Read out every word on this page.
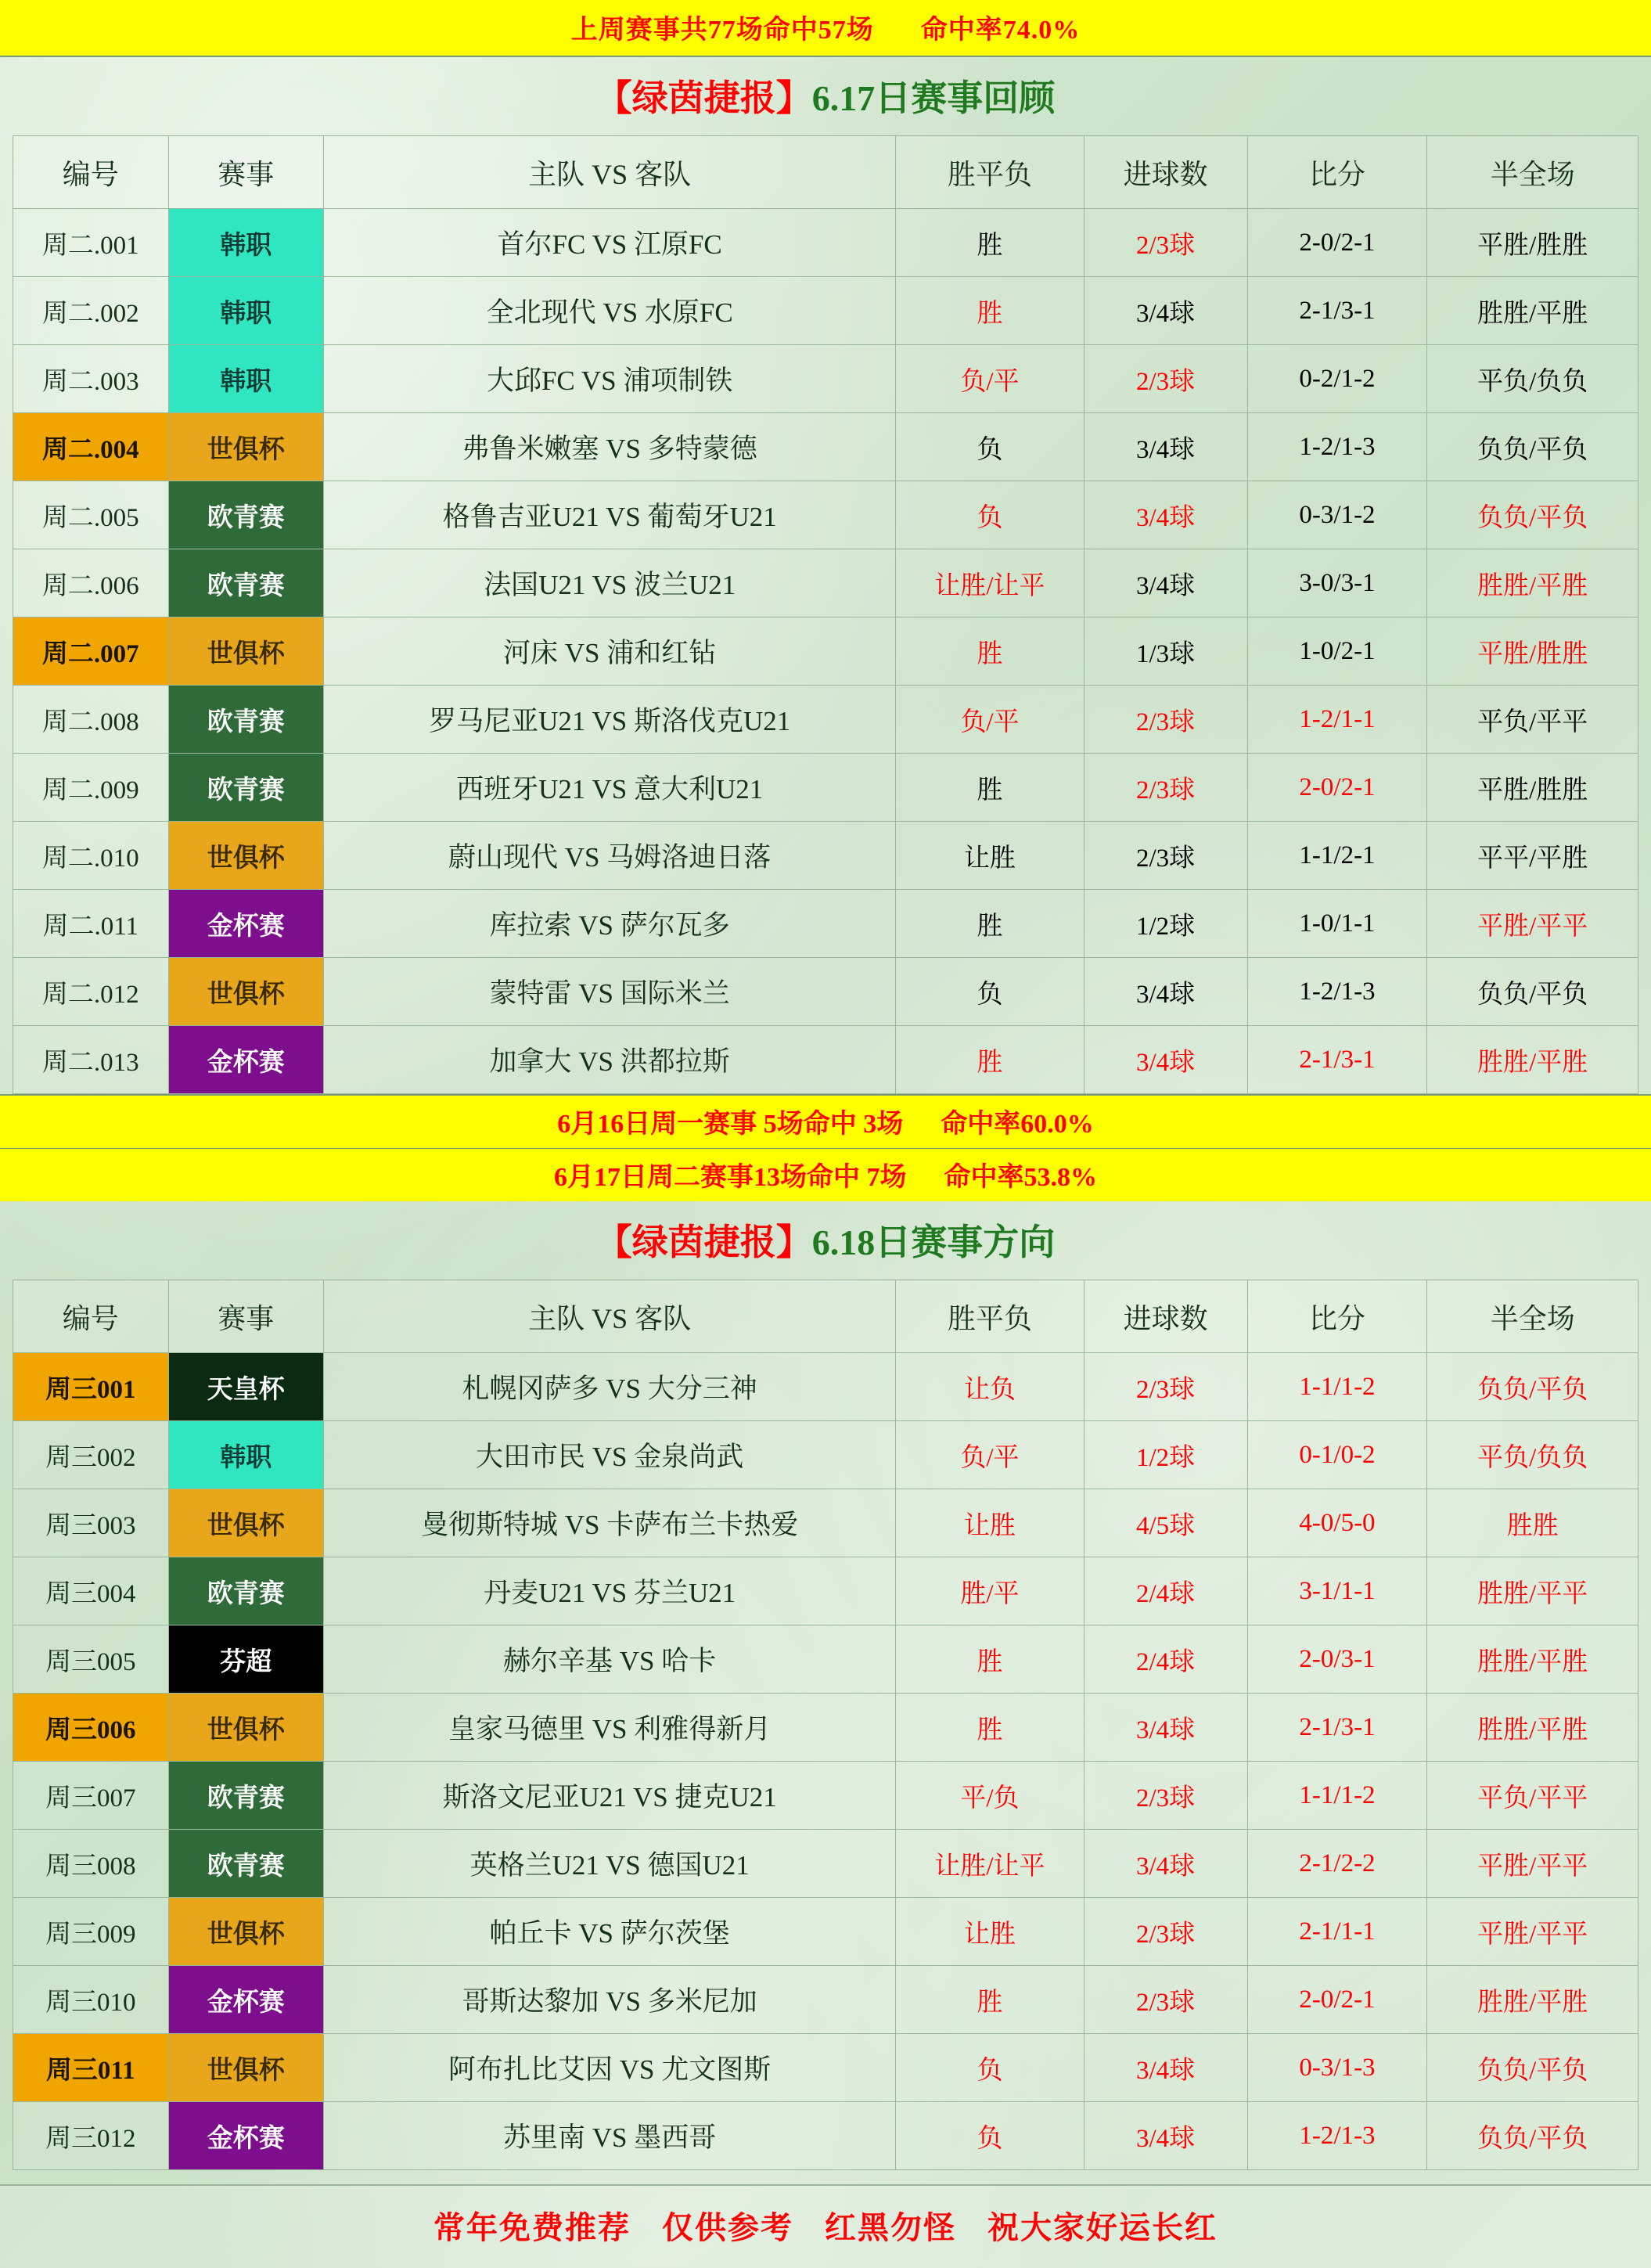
上周赛事共77场命中57场 命中率74.0%
【绿茵捷报】6.17日赛事回顾
编号	赛事	主队 VS 客队	胜平负	进球数	比分	半全场
周二.001	韩职	首尔FC VS 江原FC	胜	2/3球	2-0/2-1	平胜/胜胜
周二.002	韩职	全北现代 VS 水原FC	胜	3/4球	2-1/3-1	胜胜/平胜
周二.003	韩职	大邱FC VS 浦项制铁	负/平	2/3球	0-2/1-2	平负/负负
周二.004	世俱杯	弗鲁米嫩塞 VS 多特蒙德	负	3/4球	1-2/1-3	负负/平负
周二.005	欧青赛	格鲁吉亚U21 VS 葡萄牙U21	负	3/4球	0-3/1-2	负负/平负
周二.006	欧青赛	法国U21 VS 波兰U21	让胜/让平	3/4球	3-0/3-1	胜胜/平胜
周二.007	世俱杯	河床 VS 浦和红钻	胜	1/3球	1-0/2-1	平胜/胜胜
周二.008	欧青赛	罗马尼亚U21 VS 斯洛伐克U21	负/平	2/3球	1-2/1-1	平负/平平
周二.009	欧青赛	西班牙U21 VS 意大利U21	胜	2/3球	2-0/2-1	平胜/胜胜
周二.010	世俱杯	蔚山现代 VS 马姆洛迪日落	让胜	2/3球	1-1/2-1	平平/平胜
周二.011	金杯赛	库拉索 VS 萨尔瓦多	胜	1/2球	1-0/1-1	平胜/平平
周二.012	世俱杯	蒙特雷 VS 国际米兰	负	3/4球	1-2/1-3	负负/平负
周二.013	金杯赛	加拿大 VS 洪都拉斯	胜	3/4球	2-1/3-1	胜胜/平胜
6月16日周一赛事 5场命中 3场 命中率60.0%
6月17日周二赛事13场命中 7场 命中率53.8%
【绿茵捷报】6.18日赛事方向
编号	赛事	主队 VS 客队	胜平负	进球数	比分	半全场
周三001	天皇杯	札幌冈萨多 VS 大分三神	让负	2/3球	1-1/1-2	负负/平负
周三002	韩职	大田市民 VS 金泉尚武	负/平	1/2球	0-1/0-2	平负/负负
周三003	世俱杯	曼彻斯特城 VS 卡萨布兰卡热爱	让胜	4/5球	4-0/5-0	胜胜
周三004	欧青赛	丹麦U21 VS 芬兰U21	胜/平	2/4球	3-1/1-1	胜胜/平平
周三005	芬超	赫尔辛基 VS 哈卡	胜	2/4球	2-0/3-1	胜胜/平胜
周三006	世俱杯	皇家马德里 VS 利雅得新月	胜	3/4球	2-1/3-1	胜胜/平胜
周三007	欧青赛	斯洛文尼亚U21 VS 捷克U21	平/负	2/3球	1-1/1-2	平负/平平
周三008	欧青赛	英格兰U21 VS 德国U21	让胜/让平	3/4球	2-1/2-2	平胜/平平
周三009	世俱杯	帕丘卡 VS 萨尔茨堡	让胜	2/3球	2-1/1-1	平胜/平平
周三010	金杯赛	哥斯达黎加 VS 多米尼加	胜	2/3球	2-0/2-1	胜胜/平胜
周三011	世俱杯	阿布扎比艾因 VS 尤文图斯	负	3/4球	0-3/1-3	负负/平负
周三012	金杯赛	苏里南 VS 墨西哥	负	3/4球	1-2/1-3	负负/平负
常年免费推荐 仅供参考 红黑勿怪 祝大家好运长红
